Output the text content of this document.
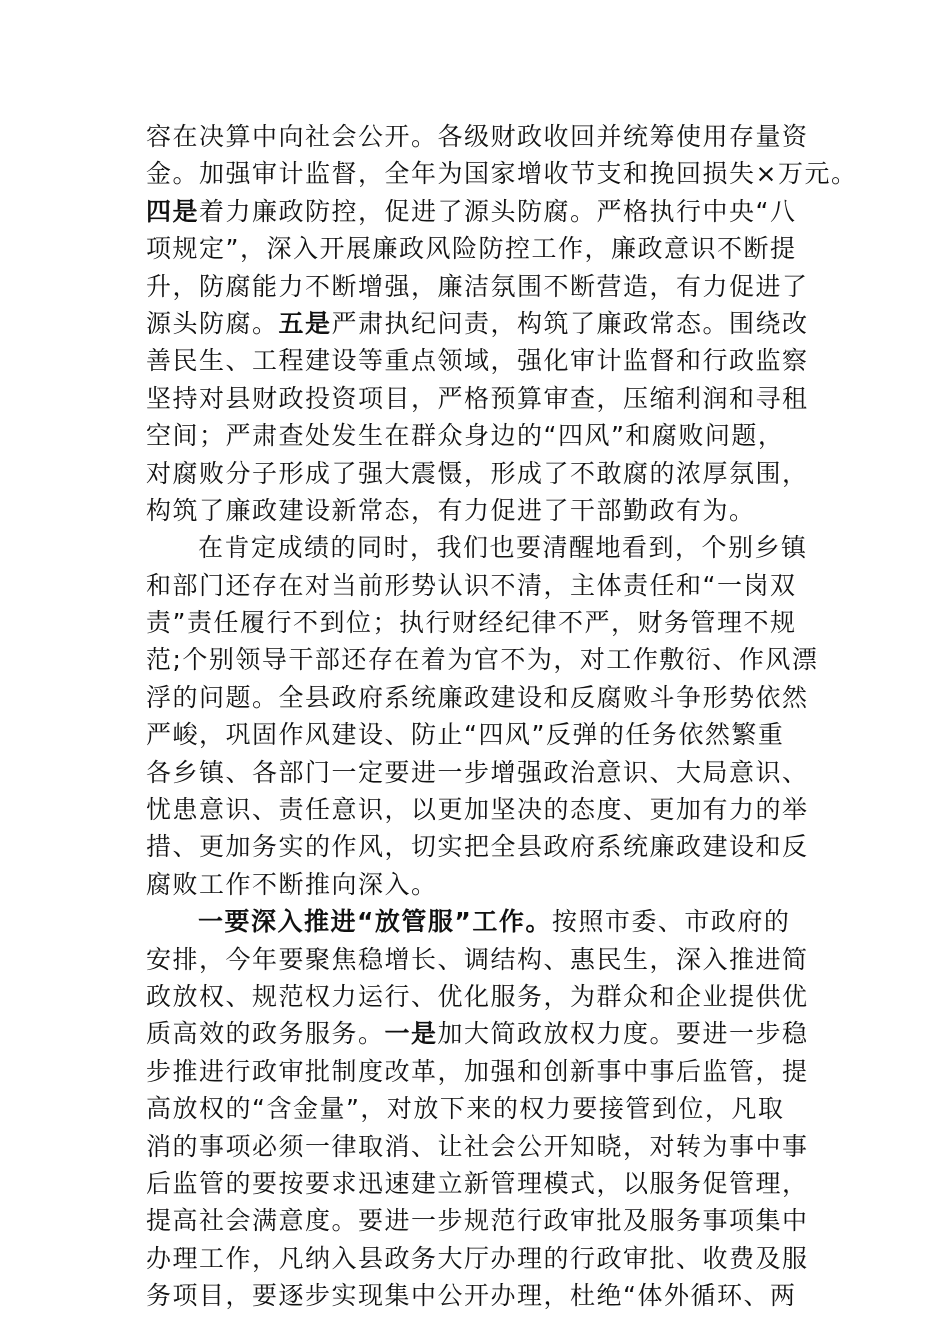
容在决算中向社会公开。各级财政收回并统筹使用存量资
金。加强审计监督，全年为国家增收节支和挽回损失×万元。
四是着力廉政防控，促进了源头防腐。严格执行中央“八
项规定”，深入开展廉政风险防控工作，廉政意识不断提
升，防腐能力不断增强，廉洁氛围不断营造，有力促进了
源头防腐。五是严肃执纪问责，构筑了廉政常态。围绕改
善民生、工程建设等重点领域，强化审计监督和行政监察
坚持对县财政投资项目，严格预算审查，压缩利润和寻租
空间；严肃查处发生在群众身边的“四风”和腐败问题，
对腐败分子形成了强大震慑，形成了不敢腐的浓厚氛围，
构筑了廉政建设新常态，有力促进了干部勤政有为。
在肯定成绩的同时，我们也要清醒地看到，个别乡镇
和部门还存在对当前形势认识不清，主体责任和“一岗双
责”责任履行不到位；执行财经纪律不严，财务管理不规
范;个别领导干部还存在着为官不为，对工作敷衍、作风漂
浮的问题。全县政府系统廉政建设和反腐败斗争形势依然
严峻，巩固作风建设、防止“四风”反弹的任务依然繁重
各乡镇、各部门一定要进一步增强政治意识、大局意识、
忧患意识、责任意识，以更加坚决的态度、更加有力的举
措、更加务实的作风，切实把全县政府系统廉政建设和反
腐败工作不断推向深入。
一要深入推进“放管服”工作。按照市委、市政府的
安排，今年要聚焦稳增长、调结构、惠民生，深入推进简
政放权、规范权力运行、优化服务，为群众和企业提供优
质高效的政务服务。一是加大简政放权力度。要进一步稳
步推进行政审批制度改革，加强和创新事中事后监管，提
高放权的“含金量”，对放下来的权力要接管到位，凡取
消的事项必须一律取消、让社会公开知晓，对转为事中事
后监管的要按要求迅速建立新管理模式，以服务促管理，
提高社会满意度。要进一步规范行政审批及服务事项集中
办理工作，凡纳入县政务大厅办理的行政审批、收费及服
务项目，要逐步实现集中公开办理，杜绝“体外循环、两
